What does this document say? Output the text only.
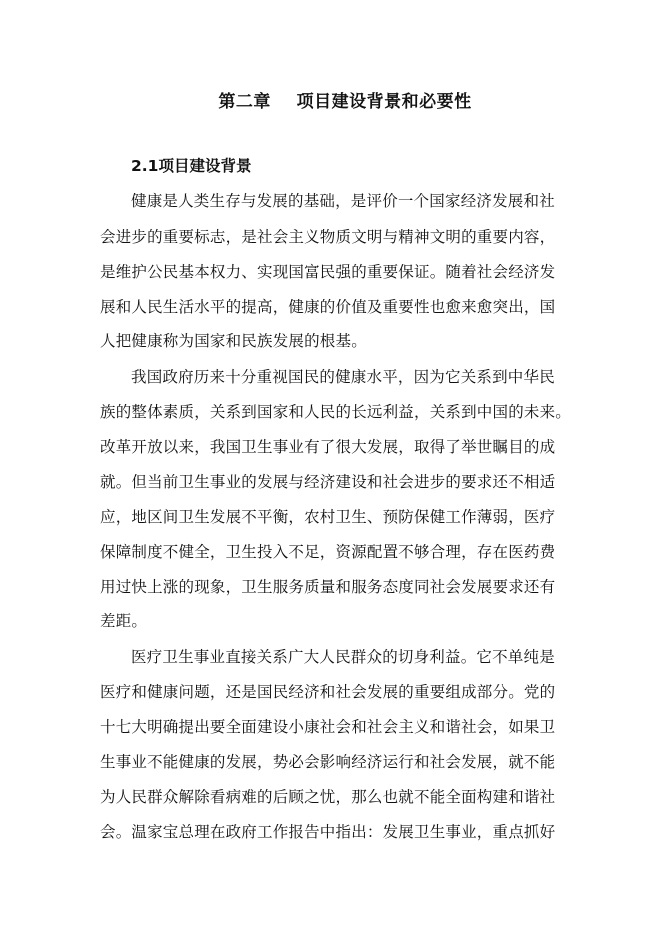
第二章    项目建设背景和必要性
2.1项目建设背景
健康是人类生存与发展的基础，是评价一个国家经济发展和社
会进步的重要标志，是社会主义物质文明与精神文明的重要内容，
是维护公民基本权力、实现国富民强的重要保证。随着社会经济发
展和人民生活水平的提高，健康的价值及重要性也愈来愈突出，国
人把健康称为国家和民族发展的根基。
我国政府历来十分重视国民的健康水平，因为它关系到中华民
族的整体素质，关系到国家和人民的长远利益，关系到中国的未来。
改革开放以来，我国卫生事业有了很大发展，取得了举世瞩目的成
就。但当前卫生事业的发展与经济建设和社会进步的要求还不相适
应，地区间卫生发展不平衡，农村卫生、预防保健工作薄弱，医疗
保障制度不健全，卫生投入不足，资源配置不够合理，存在医药费
用过快上涨的现象，卫生服务质量和服务态度同社会发展要求还有
差距。
医疗卫生事业直接关系广大人民群众的切身利益。它不单纯是
医疗和健康问题，还是国民经济和社会发展的重要组成部分。党的
十七大明确提出要全面建设小康社会和社会主义和谐社会，如果卫
生事业不能健康的发展，势必会影响经济运行和社会发展，就不能
为人民群众解除看病难的后顾之忧，那么也就不能全面构建和谐社
会。温家宝总理在政府工作报告中指出：发展卫生事业，重点抓好
